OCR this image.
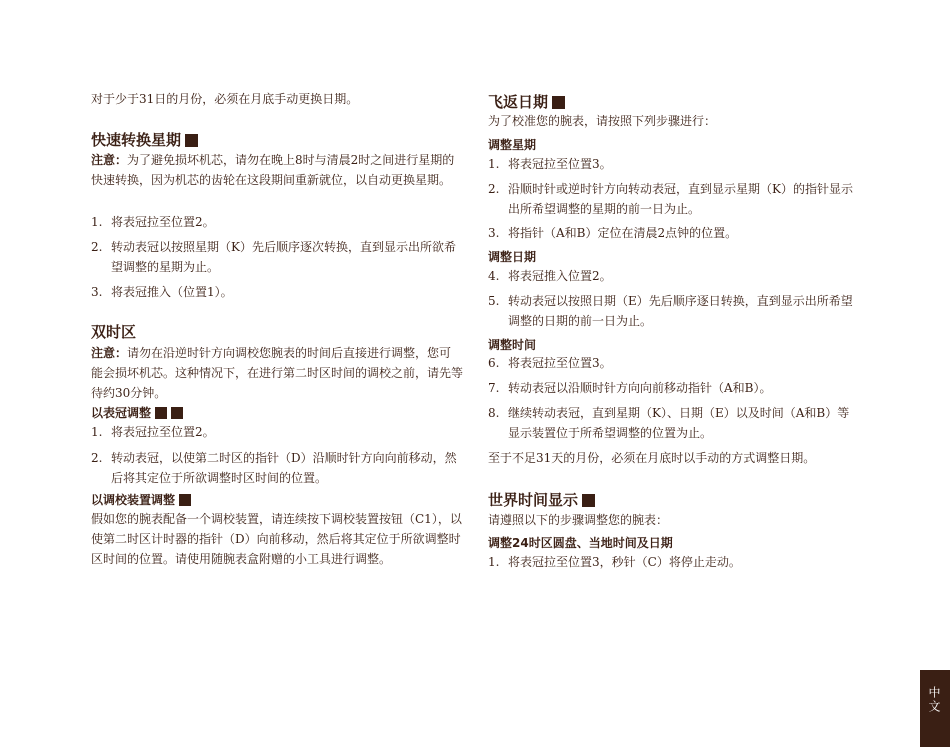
对于少于31日的月份，必须在月底手动更换日期。

快速转换星期

注意：为了避免损坏机芯，请勿在晚上8时与清晨2时之间进行星期的快速转换，因为机芯的齿轮在这段期间重新就位，以自动更换星期。

1. 将表冠拉至位置2。
2. 转动表冠以按照星期（K）先后顺序逐次转换，直到显示出所欲希望调整的星期为止。
3. 将表冠推入（位置1）。
双时区

注意：请勿在沿逆时针方向调校您腕表的时间后直接进行调整，您可能会损坏机芯。这种情况下，在进行第二时区时间的调校之前，请先等待约30分钟。

以表冠调整
1. 将表冠拉至位置2。
2. 转动表冠，以使第二时区的指针（D）沿顺时针方向向前移动，然后将其定位于所欲调整时区时间的位置。
以调校装置调整

假如您的腕表配备一个调校装置，请连续按下调校装置按钮（C1），以使第二时区计时器的指针（D）向前移动，然后将其定位于所欲调整时区时间的位置。请使用随腕表盒附赠的小工具进行调整。

飞返日期

为了校准您的腕表，请按照下列步骤进行：

调整星期
1. 将表冠拉至位置3。
2. 沿顺时针或逆时针方向转动表冠，直到显示星期（K）的指针显示出所希望调整的星期的前一日为止。
3. 将指针（A和B）定位在清晨2点钟的位置。
调整日期
4. 将表冠推入位置2。
5. 转动表冠以按照日期（E）先后顺序逐日转换，直到显示出所希望调整的日期的前一日为止。
调整时间
6. 将表冠拉至位置3。
7. 转动表冠以沿顺时针方向向前移动指针（A和B）。
8. 继续转动表冠，直到星期（K）、日期（E）以及时间（A和B）等显示装置位于所希望调整的位置为止。

至于不足31天的月份，必须在月底时以手动的方式调整日期。

世界时间显示

请遵照以下的步骤调整您的腕表：

调整24时区圆盘、当地时间及日期
1. 将表冠拉至位置3，秒针（C）将停止走动。
中文
